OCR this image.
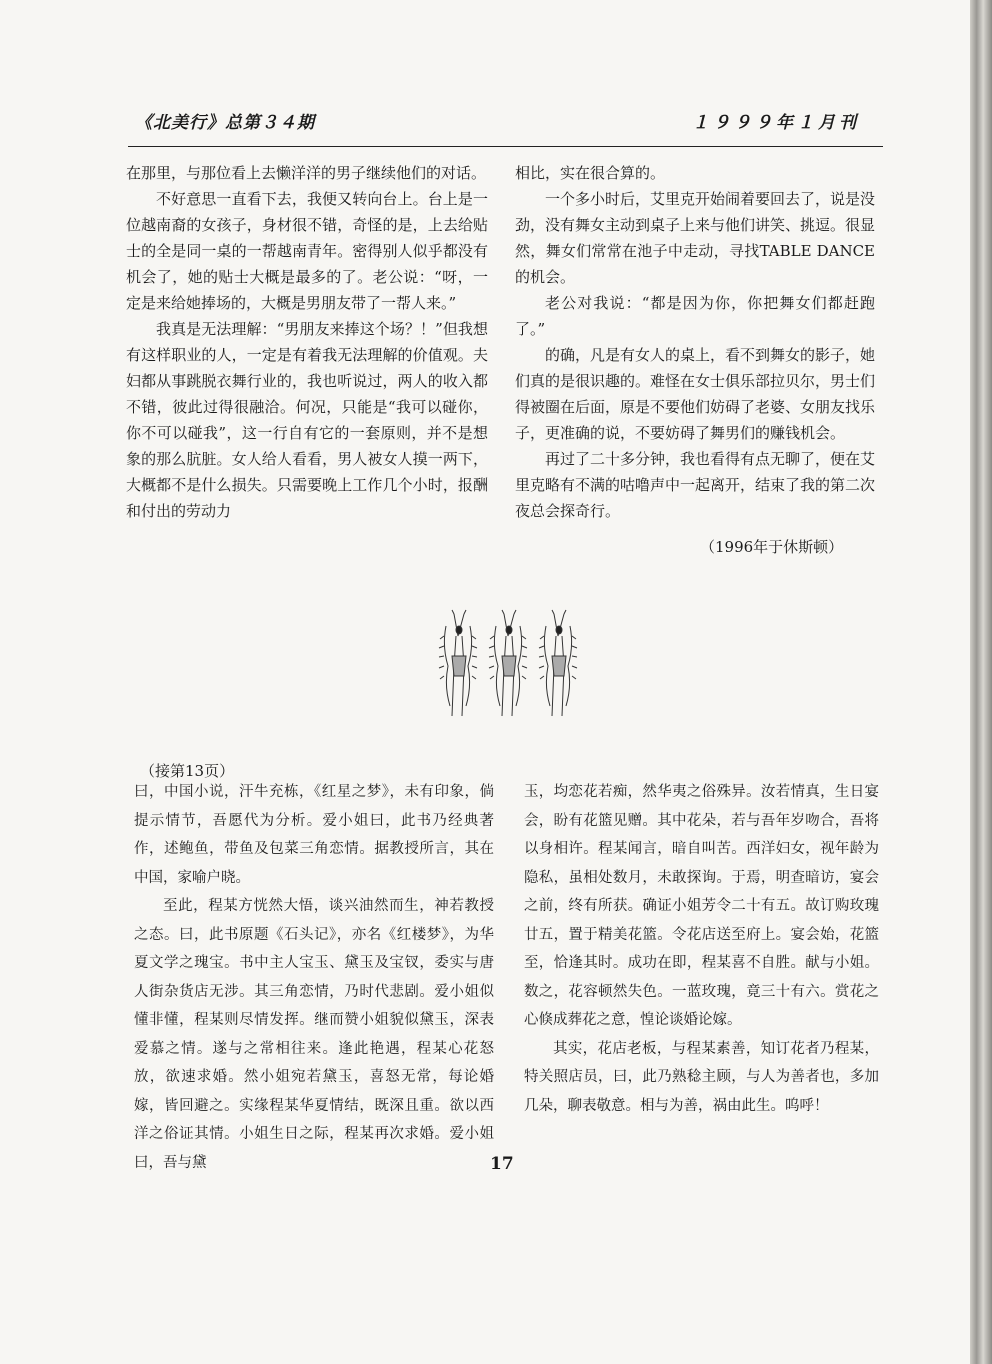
《北美行》总第３４期	１９９９年１月刊

在那里，与那位看上去懒洋洋的男子继续他们的对话。

不好意思一直看下去，我便又转向台上。台上是一位越南裔的女孩子，身材很不错，奇怪的是，上去给贴士的全是同一桌的一帮越南青年。密得别人似乎都没有机会了，她的贴士大概是最多的了。老公说：“呀，一定是来给她捧场的，大概是男朋友带了一帮人来。”

我真是无法理解：“男朋友来捧这个场？！”但我想有这样职业的人，一定是有着我无法理解的价值观。夫妇都从事跳脱衣舞行业的，我也听说过，两人的收入都不错，彼此过得很融洽。何况，只能是“我可以碰你，你不可以碰我”，这一行自有它的一套原则，并不是想象的那么肮脏。女人给人看看，男人被女人摸一两下，大概都不是什么损失。只需要晚上工作几个小时，报酬和付出的劳动力

相比，实在很合算的。

一个多小时后，艾里克开始闹着要回去了，说是没劲，没有舞女主动到桌子上来与他们讲笑、挑逗。很显然，舞女们常常在池子中走动，寻找TABLE DANCE 的机会。

老公对我说：“都是因为你，你把舞女们都赶跑了。”

的确，凡是有女人的桌上，看不到舞女的影子，她们真的是很识趣的。难怪在女士俱乐部拉贝尔，男士们得被圈在后面，原是不要他们妨碍了老婆、女朋友找乐子，更准确的说，不要妨碍了舞男们的赚钱机会。

再过了二十多分钟，我也看得有点无聊了，便在艾里克略有不满的咕噜声中一起离开，结束了我的第二次夜总会探奇行。

（1996年于休斯顿）
（接第13页）

曰，中国小说，汗牛充栋，《红星之梦》，未有印象，倘提示情节，吾愿代为分析。爱小姐曰，此书乃经典著作，述鲍鱼，带鱼及包菜三角恋情。据教授所言，其在中国，家喻户晓。

至此，程某方恍然大悟，谈兴油然而生，神若教授之态。曰，此书原题《石头记》，亦名《红楼梦》，为华夏文学之瑰宝。书中主人宝玉、黛玉及宝钗，委实与唐人街杂货店无涉。其三角恋情，乃时代悲剧。爱小姐似懂非懂，程某则尽情发挥。继而赞小姐貌似黛玉，深表爱慕之情。遂与之常相往来。逢此艳遇，程某心花怒放，欲速求婚。然小姐宛若黛玉，喜怒无常，每论婚嫁，皆回避之。实缘程某华夏情结，既深且重。欲以西洋之俗证其情。小姐生日之际，程某再次求婚。爱小姐曰，吾与黛

玉，均恋花若痴，然华夷之俗殊异。汝若情真，生日宴会，盼有花篮见赠。其中花朵，若与吾年岁吻合，吾将以身相许。程某闻言，暗自叫苦。西洋妇女，视年龄为隐私，虽相处数月，未敢探询。于焉，明查暗访，宴会之前，终有所获。确证小姐芳令二十有五。故订购玫瑰廿五，置于精美花篮。令花店送至府上。宴会始，花篮至，恰逢其时。成功在即，程某喜不自胜。献与小姐。数之，花容顿然失色。一蓝玫瑰，竟三十有六。赏花之心倏成葬花之意，惶论谈婚论嫁。

其实，花店老板，与程某素善，知订花者乃程某，特关照店员，曰，此乃熟稔主顾，与人为善者也，多加几朵，聊表敬意。相与为善，祸由此生。呜呼！

17
